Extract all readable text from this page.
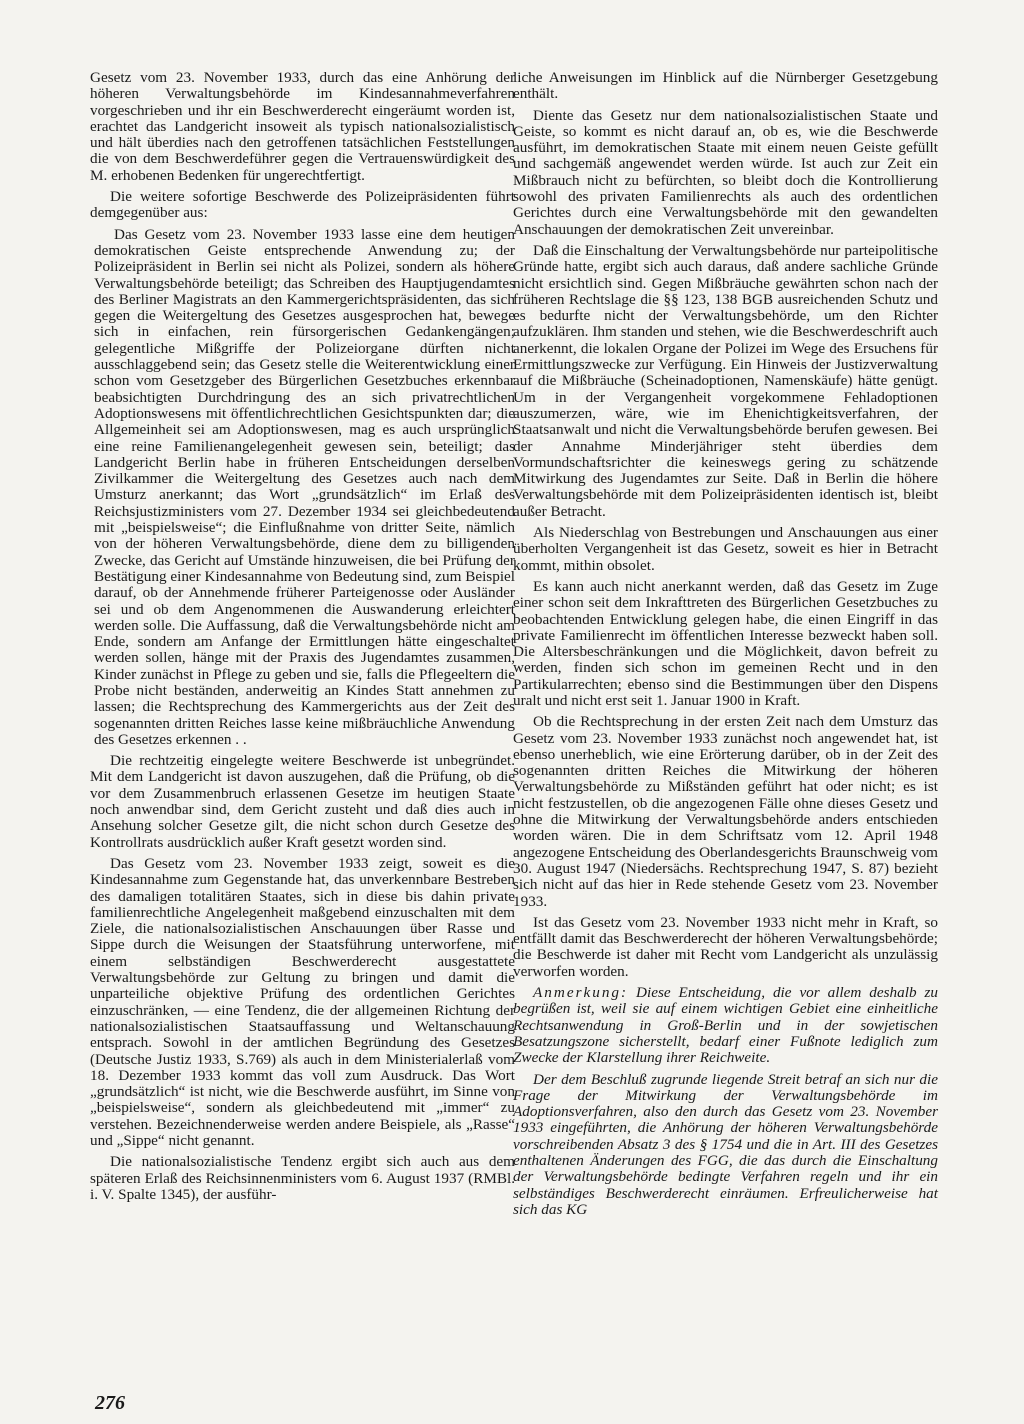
Gesetz vom 23. November 1933, durch das eine Anhörung der höheren Verwaltungsbehörde im Kindesannahmeverfahren vorgeschrieben und ihr ein Beschwerderecht eingeräumt worden ist, erachtet das Landgericht insoweit als typisch nationalsozialistisch und hält überdies nach den getroffenen tatsächlichen Feststellungen die von dem Beschwerdeführer gegen die Vertrauenswürdigkeit des M. erhobenen Bedenken für ungerechtfertigt.

Die weitere sofortige Beschwerde des Polizeipräsidenten führt demgegenüber aus:

Das Gesetz vom 23. November 1933 lasse eine dem heutigen demokratischen Geiste entsprechende Anwendung zu; der Polizeipräsident in Berlin sei nicht als Polizei, sondern als höhere Verwaltungsbehörde beteiligt; das Schreiben des Hauptjugendamtes des Berliner Magistrats an den Kammergerichtspräsidenten, das sich gegen die Weitergeltung des Gesetzes ausgesprochen hat, bewege sich in einfachen, rein fürsorgerischen Gedankengängen; gelegentliche Mißgriffe der Polizeiorgane dürften nicht ausschlaggebend sein; das Gesetz stelle die Weiterentwicklung einer schon vom Gesetzgeber des Bürgerlichen Gesetzbuches erkennbar beabsichtigten Durchdringung des an sich privatrechtlichen Adoptionswesens mit öffentlichrechtlichen Gesichtspunkten dar; die Allgemeinheit sei am Adoptionswesen, mag es auch ursprünglich eine reine Familienangelegenheit gewesen sein, beteiligt; das Landgericht Berlin habe in früheren Entscheidungen derselben Zivilkammer die Weitergeltung des Gesetzes auch nach dem Umsturz anerkannt; das Wort „grundsätzlich“ im Erlaß des Reichsjustizministers vom 27. Dezember 1934 sei gleichbedeutend mit „beispielsweise“; die Einflußnahme von dritter Seite, nämlich von der höheren Verwaltungsbehörde, diene dem zu billigenden Zwecke, das Gericht auf Umstände hinzuweisen, die bei Prüfung der Bestätigung einer Kindesannahme von Bedeutung sind, zum Beispiel darauf, ob der Annehmende früherer Parteigenosse oder Ausländer sei und ob dem Angenommenen die Auswanderung erleichtert werden solle. Die Auffassung, daß die Verwaltungsbehörde nicht am Ende, sondern am Anfange der Ermittlungen hätte eingeschaltet werden sollen, hänge mit der Praxis des Jugendamtes zusammen, Kinder zunächst in Pflege zu geben und sie, falls die Pflegeeltern die Probe nicht beständen, anderweitig an Kindes Statt annehmen zu lassen; die Rechtsprechung des Kammergerichts aus der Zeit des sogenannten dritten Reiches lasse keine mißbräuchliche Anwendung des Gesetzes erkennen . .

Die rechtzeitig eingelegte weitere Beschwerde ist unbegründet. Mit dem Landgericht ist davon auszugehen, daß die Prüfung, ob die vor dem Zusammenbruch erlassenen Gesetze im heutigen Staate noch anwendbar sind, dem Gericht zusteht und daß dies auch in Ansehung solcher Gesetze gilt, die nicht schon durch Gesetze des Kontrollrats ausdrücklich außer Kraft gesetzt worden sind.

Das Gesetz vom 23. November 1933 zeigt, soweit es die Kindesannahme zum Gegenstande hat, das unverkennbare Bestreben des damaligen totalitären Staates, sich in diese bis dahin private familienrechtliche Angelegenheit maßgebend einzuschalten mit dem Ziele, die nationalsozialistischen Anschauungen über Rasse und Sippe durch die Weisungen der Staatsführung unterworfene, mit einem selbständigen Beschwerderecht ausgestattete Verwaltungsbehörde zur Geltung zu bringen und damit die unparteiliche objektive Prüfung des ordentlichen Gerichtes einzuschränken, — eine Tendenz, die der allgemeinen Richtung der nationalsozialistischen Staatsauffassung und Weltanschauung entsprach. Sowohl in der amtlichen Begründung des Gesetzes (Deutsche Justiz 1933, S.769) als auch in dem Ministerialerlaß vom 18. Dezember 1933 kommt das voll zum Ausdruck. Das Wort „grundsätzlich“ ist nicht, wie die Beschwerde ausführt, im Sinne von „beispielsweise“, sondern als gleichbedeutend mit „immer“ zu verstehen. Bezeichnenderweise werden andere Beispiele, als „Rasse“ und „Sippe“ nicht genannt.

Die nationalsozialistische Tendenz ergibt sich auch aus dem späteren Erlaß des Reichsinnenministers vom 6. August 1937 (RMBl. i. V. Spalte 1345), der ausführ-

liche Anweisungen im Hinblick auf die Nürnberger Gesetzgebung enthält.

Diente das Gesetz nur dem nationalsozialistischen Staate und Geiste, so kommt es nicht darauf an, ob es, wie die Beschwerde ausführt, im demokratischen Staate mit einem neuen Geiste gefüllt und sachgemäß angewendet werden würde. Ist auch zur Zeit ein Mißbrauch nicht zu befürchten, so bleibt doch die Kontrollierung sowohl des privaten Familienrechts als auch des ordentlichen Gerichtes durch eine Verwaltungsbehörde mit den gewandelten Anschauungen der demokratischen Zeit unvereinbar.

Daß die Einschaltung der Verwaltungsbehörde nur parteipolitische Gründe hatte, ergibt sich auch daraus, daß andere sachliche Gründe nicht ersichtlich sind. Gegen Mißbräuche gewährten schon nach der früheren Rechtslage die §§ 123, 138 BGB ausreichenden Schutz und es bedurfte nicht der Verwaltungsbehörde, um den Richter aufzuklären. Ihm standen und stehen, wie die Beschwerdeschrift auch anerkennt, die lokalen Organe der Polizei im Wege des Ersuchens für Ermittlungszwecke zur Verfügung. Ein Hinweis der Justizverwaltung auf die Mißbräuche (Scheinadoptionen, Namenskäufe) hätte genügt. Um in der Vergangenheit vorgekommene Fehladoptionen auszumerzen, wäre, wie im Ehenichtigkeitsverfahren, der Staatsanwalt und nicht die Verwaltungsbehörde berufen gewesen. Bei der Annahme Minderjähriger steht überdies dem Vormundschaftsrichter die keineswegs gering zu schätzende Mitwirkung des Jugendamtes zur Seite. Daß in Berlin die höhere Verwaltungsbehörde mit dem Polizeipräsidenten identisch ist, bleibt außer Betracht.

Als Niederschlag von Bestrebungen und Anschauungen aus einer überholten Vergangenheit ist das Gesetz, soweit es hier in Betracht kommt, mithin obsolet.

Es kann auch nicht anerkannt werden, daß das Gesetz im Zuge einer schon seit dem Inkrafttreten des Bürgerlichen Gesetzbuches zu beobachtenden Entwicklung gelegen habe, die einen Eingriff in das private Familienrecht im öffentlichen Interesse bezweckt haben soll. Die Altersbeschränkungen und die Möglichkeit, davon befreit zu werden, finden sich schon im gemeinen Recht und in den Partikularrechten; ebenso sind die Bestimmungen über den Dispens uralt und nicht erst seit 1. Januar 1900 in Kraft.

Ob die Rechtsprechung in der ersten Zeit nach dem Umsturz das Gesetz vom 23. November 1933 zunächst noch angewendet hat, ist ebenso unerheblich, wie eine Erörterung darüber, ob in der Zeit des sogenannten dritten Reiches die Mitwirkung der höheren Verwaltungsbehörde zu Mißständen geführt hat oder nicht; es ist nicht festzustellen, ob die angezogenen Fälle ohne dieses Gesetz und ohne die Mitwirkung der Verwaltungsbehörde anders entschieden worden wären. Die in dem Schriftsatz vom 12. April 1948 angezogene Entscheidung des Oberlandesgerichts Braunschweig vom 30. August 1947 (Niedersächs. Rechtsprechung 1947, S. 87) bezieht sich nicht auf das hier in Rede stehende Gesetz vom 23. November 1933.

Ist das Gesetz vom 23. November 1933 nicht mehr in Kraft, so entfällt damit das Beschwerderecht der höheren Verwaltungsbehörde; die Beschwerde ist daher mit Recht vom Landgericht als unzulässig verworfen worden.

Anmerkung: Diese Entscheidung, die vor allem deshalb zu begrüßen ist, weil sie auf einem wichtigen Gebiet eine einheitliche Rechtsanwendung in Groß-Berlin und in der sowjetischen Besatzungszone sicherstellt, bedarf einer Fußnote lediglich zum Zwecke der Klarstellung ihrer Reichweite.

Der dem Beschluß zugrunde liegende Streit betraf an sich nur die Frage der Mitwirkung der Verwaltungsbehörde im Adoptionsverfahren, also den durch das Gesetz vom 23. November 1933 eingeführten, die Anhörung der höheren Verwaltungsbehörde vorschreibenden Absatz 3 des § 1754 und die in Art. III des Gesetzes enthaltenen Änderungen des FGG, die das durch die Einschaltung der Verwaltungsbehörde bedingte Verfahren regeln und ihr ein selbständiges Beschwerderecht einräumen. Erfreulicherweise hat sich das KG

276
